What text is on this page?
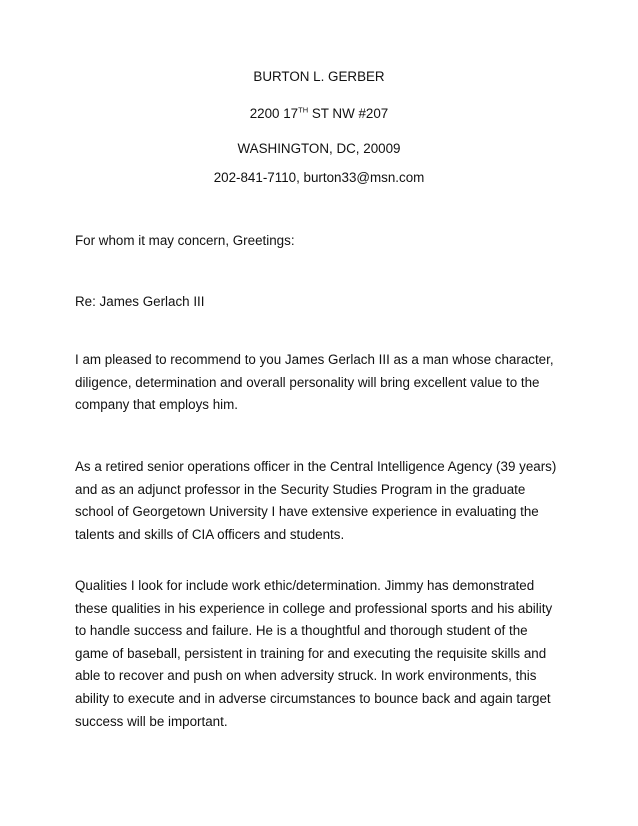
BURTON L. GERBER
2200 17TH ST NW #207
WASHINGTON, DC, 20009
202-841-7110, burton33@msn.com
For whom it may concern, Greetings:
Re: James Gerlach III
I am pleased to recommend to you James Gerlach III as a man whose character,
diligence, determination and overall personality will bring excellent value to the
company that employs him.
As a retired senior operations officer in the Central Intelligence Agency (39 years)
and as an adjunct professor in the Security Studies Program in the graduate
school of Georgetown University I have extensive experience in evaluating the
talents and skills of CIA officers and students.
Qualities I look for include work ethic/determination. Jimmy has demonstrated
these qualities in his experience in college and professional sports and his ability
to handle success and failure. He is a thoughtful and thorough student of the
game of baseball, persistent in training for and executing the requisite skills and
able to recover and push on when adversity struck. In work environments, this
ability to execute and in adverse circumstances to bounce back and again target
success will be important.
